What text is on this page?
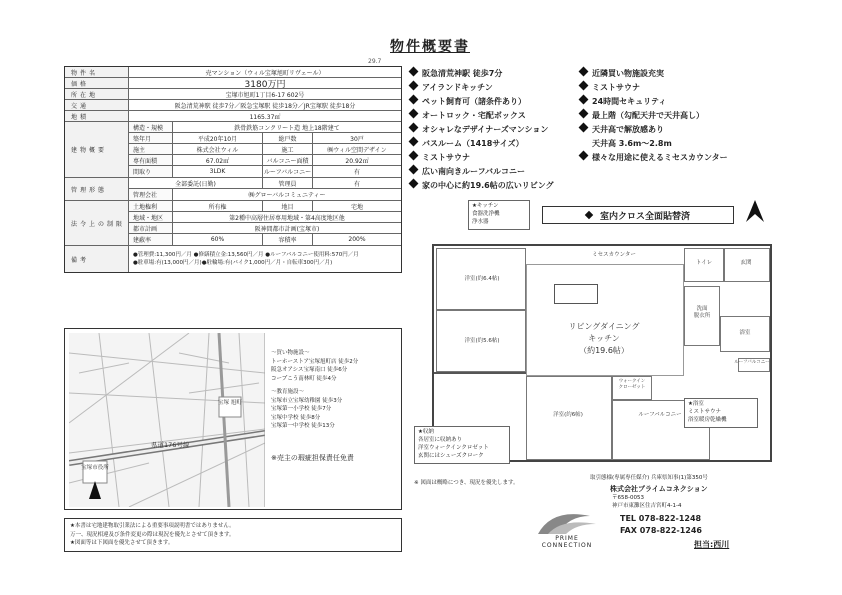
物件概要書
29.7
物件名	売マンション（ウィル宝塚旭町リヴェール）
価格	3180万円
所在地	宝塚市旭町1丁目6-17 602号
交通	阪急清荒神駅 徒歩7分／阪急宝塚駅 徒歩18分／JR宝塚駅 徒歩18分
地積	1165.37㎡
建物概要
構造・規模	鉄骨鉄筋コンクリート造 地上18階建て
築年月	平成20年10月	総戸数	30戸
施主	株式会社ウィル	施工	㈱ウィル空間デザイン
専有面積	67.02㎡	バルコニー面積	20.92㎡
間取り	3LDK	ルーフバルコニー	有
管理形態
全部委託(日勤)	管理員	有
管理会社	㈱グローバルコミュニティー
法令上の制限
土地権利	所有権	地目	宅地
地域・地区	第2種中高層住居専用地域・第4高度地区他
都市計画	阪神間都市計画(宝塚市)
建蔽率	60%	容積率	200%
備考
●管理費:11,300円／月 ●修繕積立金:13,560円／月 ●ルーフバルコニー使用料:570円／月
●駐車場:有(13,000円／月)●駐輪場:有(バイク1,000円／月・自転車300円／月)
県道176号線
宝塚市役所
宝塚 旭町
～買い物施設～
トーホーストア宝塚旭町店 徒歩2分
阪急オアシス宝塚南口 徒歩6分
コープこう南林町 徒歩4分
～教育施設～
宝塚市立宝塚幼稚園 徒歩3分
宝塚第一小学校 徒歩7分
宝塚中学校 徒歩8分
宝塚第一中学校 徒歩13分
※売主の瑕疵担保責任免責
★本書は宅地建物取引業法による重要事項説明書ではありません。
万一、現況相違及び条件変更の際は現況を優先とさせて頂きます。
★図面等は下図面を優先させて頂きます。
阪急清荒神駅 徒歩7分
アイランドキッチン
ペット飼育可（諸条件あり）
オートロック・宅配ボックス
オシャレなデザイナーズマンション
バスルーム（1418サイズ）
ミストサウナ
広い南向きルーフバルコニー
家の中心に約19.6帖の広いリビング
近隣買い物施設充実
ミストサウナ
24時間セキュリティ
最上階（勾配天井で天井高し）
天井高で解放感あり
天井高 3.6m～2.8m
様々な用途に使えるミセスカウンター
室内クロス全面貼替済
★キッチン
食器洗浄機
浄水器
洋室(約6.4帖)
洋室(約5.6帖)
リビングダイニング
キッチン
（約19.6帖）
ミセスカウンター
トイレ	玄関
洗面
脱衣所
浴室
ルーフバルコニー
洋室(約6帖)
ウォークイン
クローゼット
ルーフバルコニー
★収納
各居室に収納あり
洋室ウォークインクロゼット
玄関にはシューズクローク
★浴室
ミストサウナ
浴室暖房乾燥機
※ 図面は概略につき、現況を優先します。
取引態様(専属専任媒介) 兵庫県知事(1)第350号
株式会社プライムコネクション
〒658-0053
神戸市東灘区住吉宮町4-1-4
TEL 078-822-1248
FAX 078-822-1246
担当:西川
PRIME
CONNECTION
